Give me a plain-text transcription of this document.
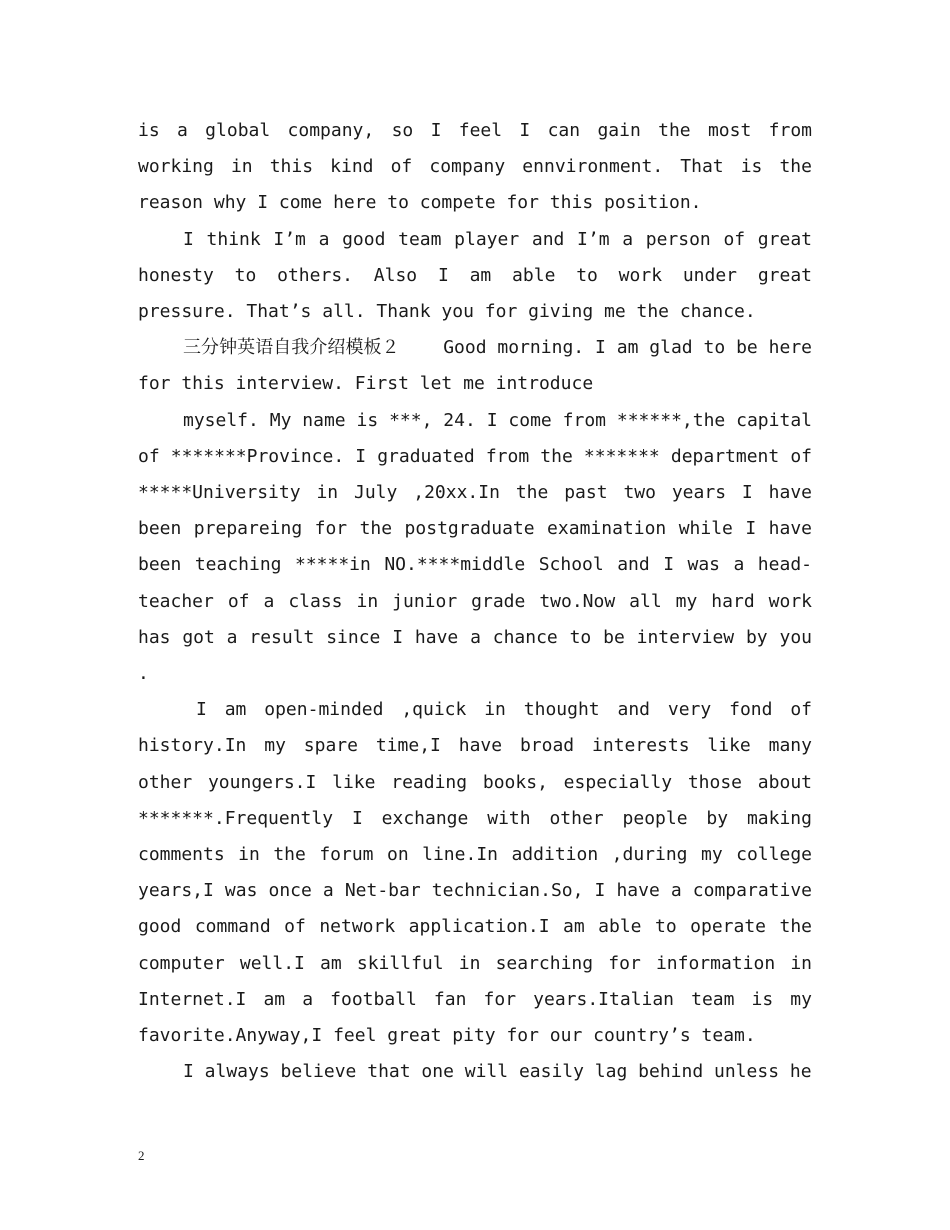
is a global company, so I feel I can gain the most from working in this kind of company ennvironment. That is the reason why I come here to compete for this position.

I think I’m a good team player and I’m a person of great honesty to others. Also I am able to work under great pressure. That’s all. Thank you for giving me the chance.

三分钟英语自我介绍模板２ Good morning. I am glad to be here for this interview. First let me introduce

myself. My name is ***, 24. I come from ******,the capital of *******Province. I graduated from the ******* department of *****University in July ,20xx.In the past two years I have been prepareing for the postgraduate examination while I have been teaching *****in NO.****middle School and I was a head-teacher of a class in junior grade two.Now all my hard work has got a result since I have a chance to be interview by you .

I am open-minded ,quick in thought and very fond of history.In my spare time,I have broad interests like many other youngers.I like reading books, especially those about *******.Frequently I exchange with other people by making comments in the forum on line.In addition ,during my college years,I was once a Net-bar technician.So, I have a comparative good command of network application.I am able to operate the computer well.I am skillful in searching for information in Internet.I am a football fan for years.Italian team is my favorite.Anyway,I feel great pity for our country’s team.

I always believe that one will easily lag behind unless he

2
